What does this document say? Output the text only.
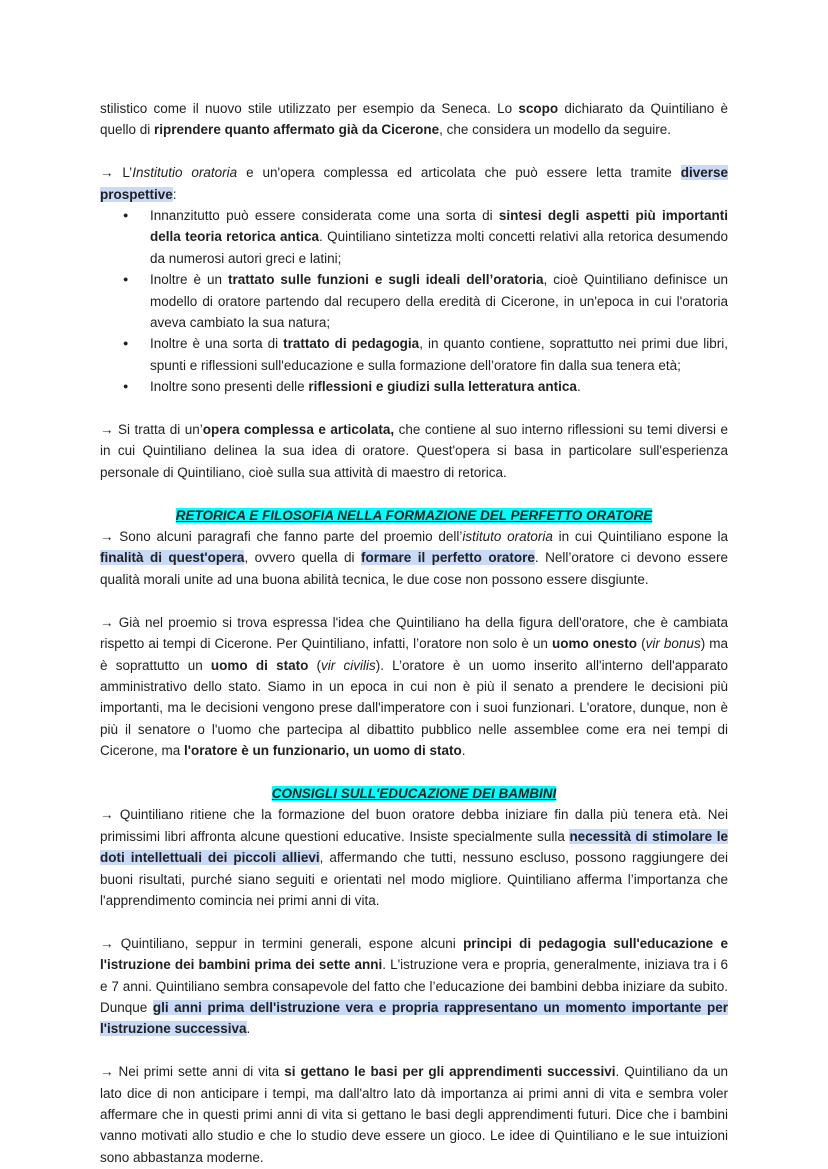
stilistico come il nuovo stile utilizzato per esempio da Seneca. Lo scopo dichiarato da Quintiliano è quello di riprendere quanto affermato già da Cicerone, che considera un modello da seguire.

→ L’Institutio oratoria e un'opera complessa ed articolata che può essere letta tramite diverse prospettive:

● Innanzitutto può essere considerata come una sorta di sintesi degli aspetti più importanti della teoria retorica antica. Quintiliano sintetizza molti concetti relativi alla retorica desumendo da numerosi autori greci e latini;
● Inoltre è un trattato sulle funzioni e sugli ideali dell’oratoria, cioè Quintiliano definisce un modello di oratore partendo dal recupero della eredità di Cicerone, in un'epoca in cui l'oratoria aveva cambiato la sua natura;
● Inoltre è una sorta di trattato di pedagogia, in quanto contiene, soprattutto nei primi due libri, spunti e riflessioni sull'educazione e sulla formazione dell’oratore fin dalla sua tenera età;
● Inoltre sono presenti delle riflessioni e giudizi sulla letteratura antica.

→ Si tratta di un’opera complessa e articolata, che contiene al suo interno riflessioni su temi diversi e in cui Quintiliano delinea la sua idea di oratore. Quest'opera si basa in particolare sull'esperienza personale di Quintiliano, cioè sulla sua attività di maestro di retorica.

RETORICA E FILOSOFIA NELLA FORMAZIONE DEL PERFETTO ORATORE

→ Sono alcuni paragrafi che fanno parte del proemio dell’istituto oratoria in cui Quintiliano espone la finalità di quest'opera, ovvero quella di formare il perfetto oratore. Nell’oratore ci devono essere qualità morali unite ad una buona abilità tecnica, le due cose non possono essere disgiunte.

→ Già nel proemio si trova espressa l'idea che Quintiliano ha della figura dell'oratore, che è cambiata rispetto ai tempi di Cicerone. Per Quintiliano, infatti, l’oratore non solo è un uomo onesto (vir bonus) ma è soprattutto un uomo di stato (vir civilis). L’oratore è un uomo inserito all'interno dell'apparato amministrativo dello stato. Siamo in un epoca in cui non è più il senato a prendere le decisioni più importanti, ma le decisioni vengono prese dall'imperatore con i suoi funzionari. L'oratore, dunque, non è più il senatore o l'uomo che partecipa al dibattito pubblico nelle assemblee come era nei tempi di Cicerone, ma l'oratore è un funzionario, un uomo di stato.

CONSIGLI SULL'EDUCAZIONE DEI BAMBINI

→ Quintiliano ritiene che la formazione del buon oratore debba iniziare fin dalla più tenera età. Nei primissimi libri affronta alcune questioni educative. Insiste specialmente sulla necessità di stimolare le doti intellettuali dei piccoli allievi, affermando che tutti, nessuno escluso, possono raggiungere dei buoni risultati, purché siano seguiti e orientati nel modo migliore. Quintiliano afferma l’importanza che l'apprendimento comincia nei primi anni di vita.

→ Quintiliano, seppur in termini generali, espone alcuni principi di pedagogia sull'educazione e l'istruzione dei bambini prima dei sette anni. L'istruzione vera e propria, generalmente, iniziava tra i 6 e 7 anni. Quintiliano sembra consapevole del fatto che l’educazione dei bambini debba iniziare da subito. Dunque gli anni prima dell'istruzione vera e propria rappresentano un momento importante per l'istruzione successiva.

→ Nei primi sette anni di vita si gettano le basi per gli apprendimenti successivi. Quintiliano da un lato dice di non anticipare i tempi, ma dall'altro lato dà importanza ai primi anni di vita e sembra voler affermare che in questi primi anni di vita si gettano le basi degli apprendimenti futuri. Dice che i bambini vanno motivati allo studio e che lo studio deve essere un gioco. Le idee di Quintiliano e le sue intuizioni sono abbastanza moderne.
